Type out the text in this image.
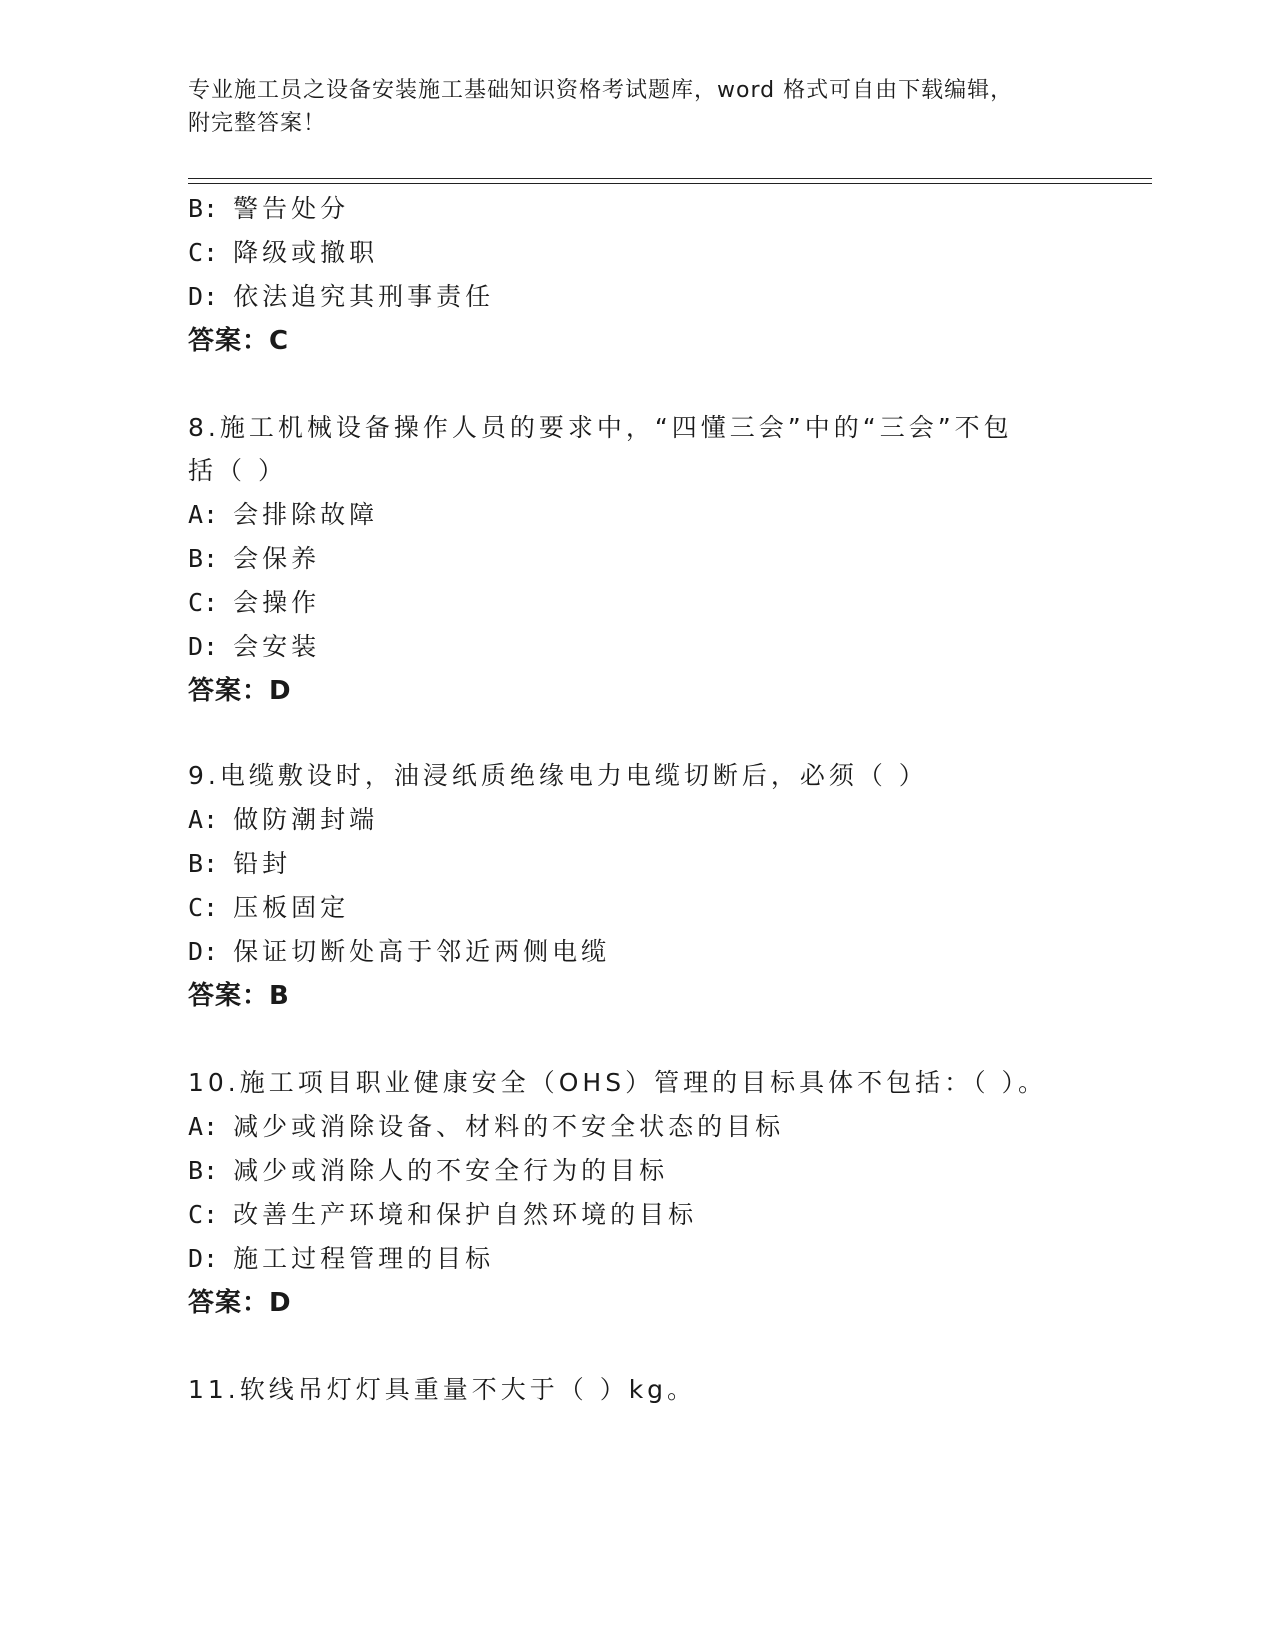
专业施工员之设备安装施工基础知识资格考试题库，word 格式可自由下载编辑，
附完整答案！
B: 警告处分
C: 降级或撤职
D: 依法追究其刑事责任
答案：C
8.施工机械设备操作人员的要求中，“四懂三会”中的“三会”不包
括（ ）
A: 会排除故障
B: 会保养
C: 会操作
D: 会安装
答案：D
9.电缆敷设时，油浸纸质绝缘电力电缆切断后，必须（ ）
A: 做防潮封端
B: 铅封
C: 压板固定
D: 保证切断处高于邻近两侧电缆
答案：B
10.施工项目职业健康安全（OHS）管理的目标具体不包括：（ ）。
A: 减少或消除设备、材料的不安全状态的目标
B: 减少或消除人的不安全行为的目标
C: 改善生产环境和保护自然环境的目标
D: 施工过程管理的目标
答案：D
11.软线吊灯灯具重量不大于（ ）kg。
